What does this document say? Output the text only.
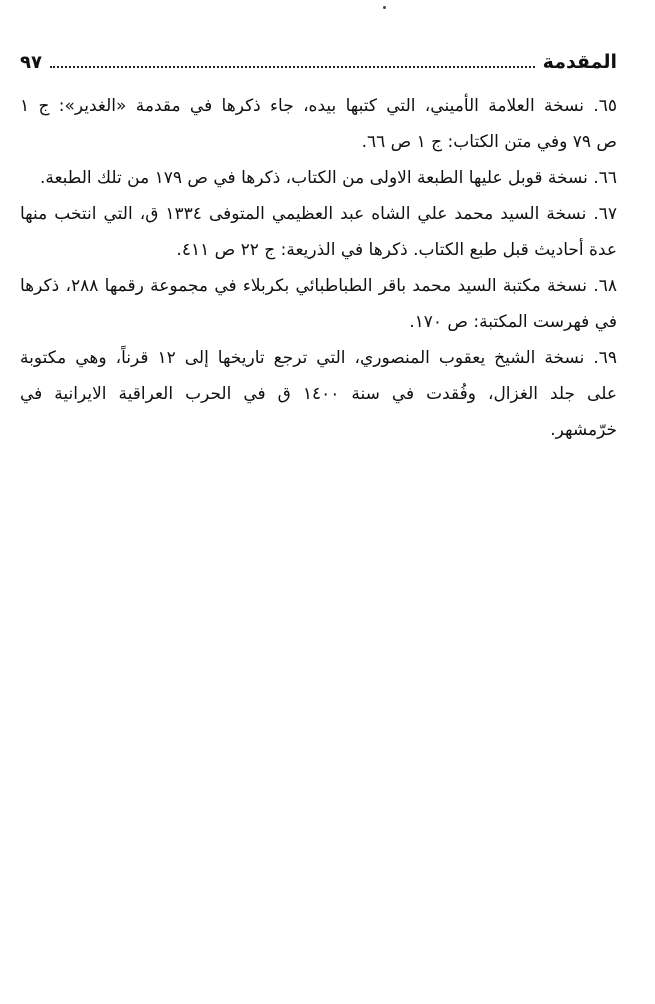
المقدمة
٩٧
٦٥. نسخة العلامة الأميني، التي كتبها بيده، جاء ذكرها في مقدمة «الغدير»: ج ١
ص ٧٩ وفي متن الكتاب: ج ١ ص ٦٦.
٦٦. نسخة قوبل عليها الطبعة الاولى من الكتاب، ذكرها في ص ١٧٩ من تلك الطبعة.
٦٧. نسخة السيد محمد علي الشاه عبد العظيمي المتوفى ١٣٣٤ ق، التي انتخب منها
عدة أحاديث قبل طبع الكتاب. ذكرها في الذريعة: ج ٢٢ ص ٤١١.
٦٨. نسخة مكتبة السيد محمد باقر الطباطبائي بكربلاء في مجموعة رقمها ٢٨٨، ذكرها
في فهرست المكتبة: ص ١٧٠.
٦٩. نسخة الشيخ يعقوب المنصوري، التي ترجع تاريخها إلى ١٢ قرناً، وهي مكتوبة
على جلد الغزال، وفُقدت في سنة ١٤٠٠ ق في الحرب العراقية الايرانية في
خرّمشهر.
